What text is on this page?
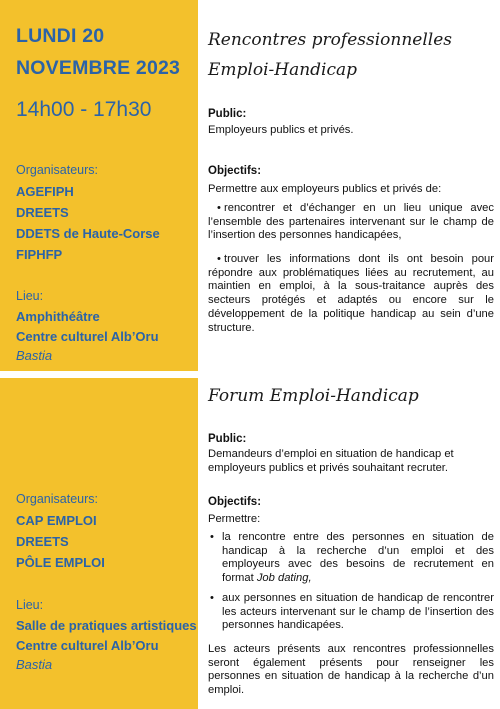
LUNDI 20
NOVEMBRE 2023
14h00 - 17h30
Organisateurs:
AGEFIPH
DREETS
DDETS de Haute-Corse
FIPHFP
Lieu:
Amphithéâtre
Centre culturel Alb’Oru
Bastia
Rencontres professionnelles
Emploi-Handicap
Public:
Employeurs publics et privés.
Objectifs:
Permettre aux employeurs publics et privés de:
• rencontrer et d’échanger en un lieu unique avec l’ensemble des partenaires intervenant sur le champ de l’insertion des personnes handicapées,
• trouver les informations dont ils ont besoin pour répondre aux problématiques liées au recrutement, au maintien en emploi, à la sous-traitance auprès des secteurs protégés et adaptés ou encore sur le développement de la politique handicap au sein d’une structure.
Organisateurs:
CAP EMPLOI
DREETS
PÔLE EMPLOI
Lieu:
Salle de pratiques artistiques
Centre culturel Alb’Oru
Bastia
Forum Emploi-Handicap
Public:
Demandeurs d’emploi en situation de handicap et employeurs publics et privés souhaitant recruter.
Objectifs:
Permettre:
• la rencontre entre des personnes en situation de handicap à la recherche d’un emploi et des employeurs avec des besoins de recrutement en format Job dating,
• aux personnes en situation de handicap de rencontrer les acteurs intervenant sur le champ de l’insertion des personnes handicapées.
Les acteurs présents aux rencontres professionnelles seront également présents pour renseigner les personnes en situation de handicap à la recherche d’un emploi.
